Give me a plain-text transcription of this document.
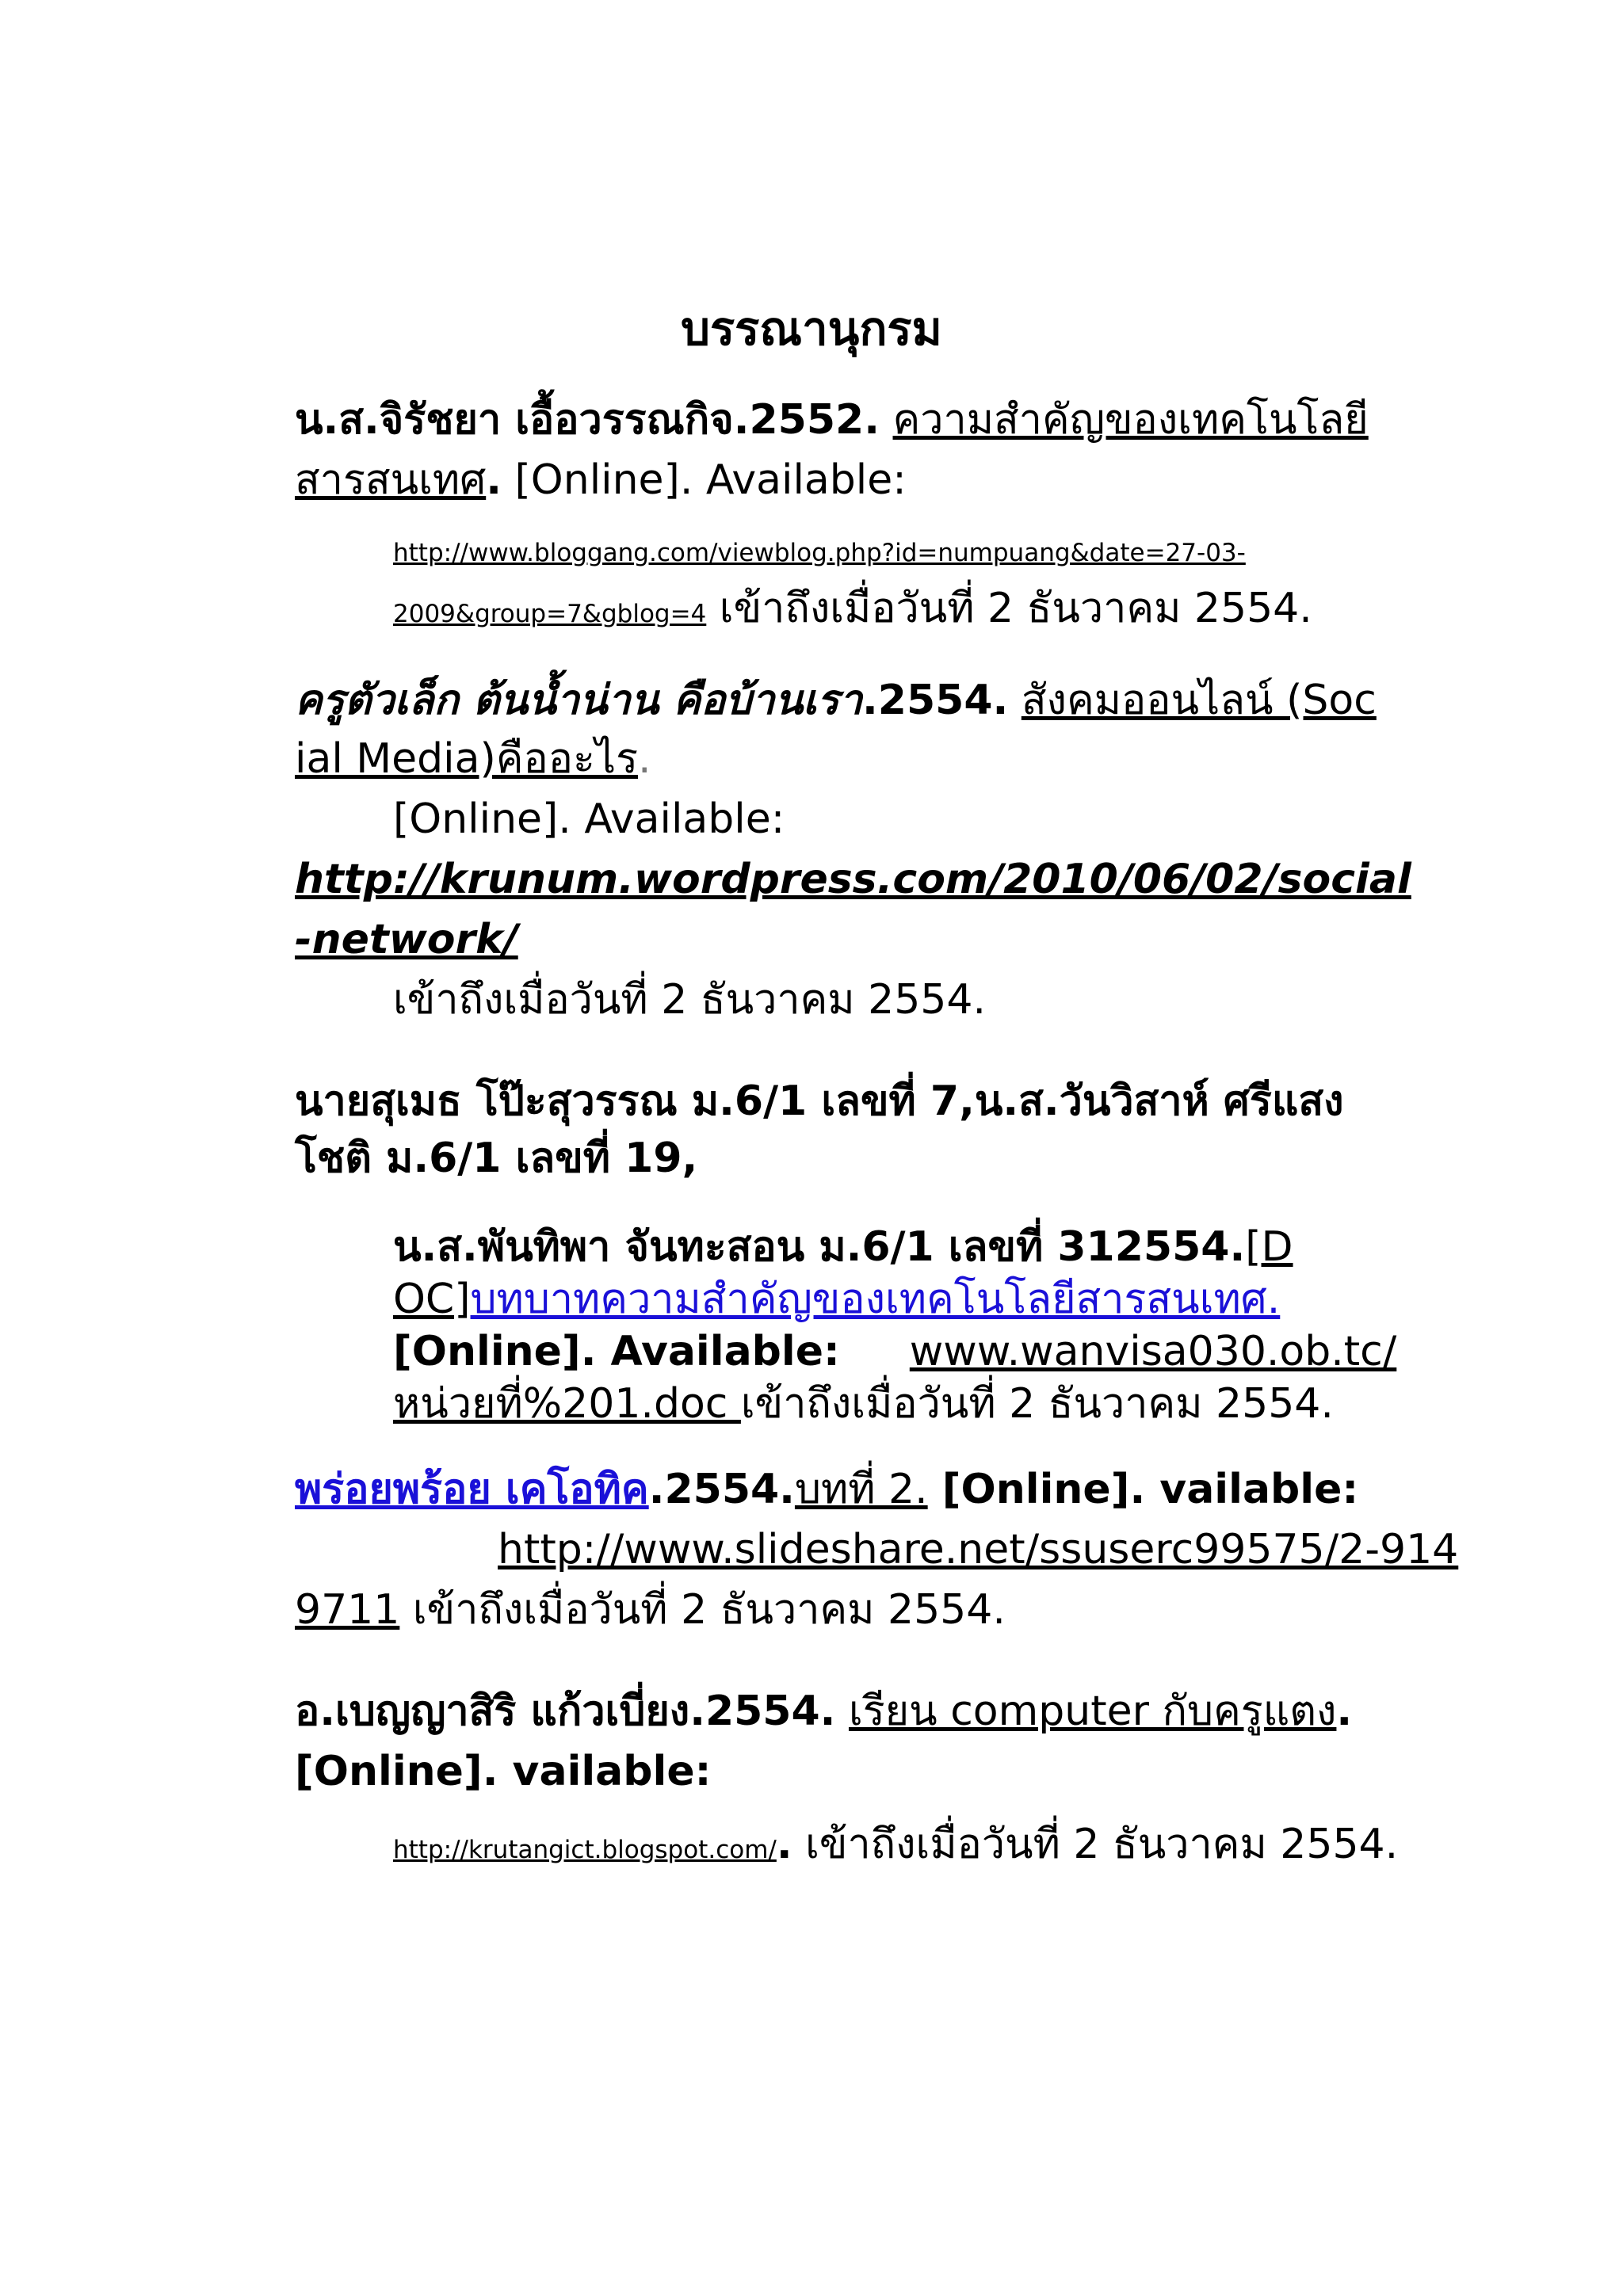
บรรณานุกรม

น.ส.จิรัชยา เอื้อวรรณกิจ.2552. ความสำคัญของเทคโนโลยี

สารสนเทศ. [Online]. Available:

http://www.bloggang.com/viewblog.php?id=numpuang&date=27-03-

2009&group=7&gblog=4 เข้าถึงเมื่อวันที่ 2 ธันวาคม 2554.

ครูตัวเล็ก ต้นน้ำน่าน คือบ้านเรา.2554. สังคมออนไลน์ (Soc

ial Media)คืออะไร.

[Online]. Available:

http://krunum.wordpress.com/2010/06/02/social

-network/

เข้าถึงเมื่อวันที่ 2 ธันวาคม 2554.

นายสุเมธ โป๊ะสุวรรณ ม.6/1 เลขที่ 7,น.ส.วันวิสาห์ ศรีแสง

โชติ ม.6/1 เลขที่ 19,

น.ส.พันทิพา จันทะสอน ม.6/1 เลขที่ 312554.[D

OC]บทบาทความสำคัญของเทคโนโลยีสารสนเทศ.

[Online]. Available: www.wanvisa030.ob.tc/

หน่วยที่%201.doc เข้าถึงเมื่อวันที่ 2 ธันวาคม 2554.

พร่อยพร้อย เคโอทิค.2554.บทที่ 2. [Online]. vailable:

http://www.slideshare.net/ssuserc99575/2-914

9711 เข้าถึงเมื่อวันที่ 2 ธันวาคม 2554.

อ.เบญญาสิริ แก้วเบี่ยง.2554. เรียน computer กับครูแตง.

[Online]. vailable:

http://krutangict.blogspot.com/. เข้าถึงเมื่อวันที่ 2 ธันวาคม 2554.
